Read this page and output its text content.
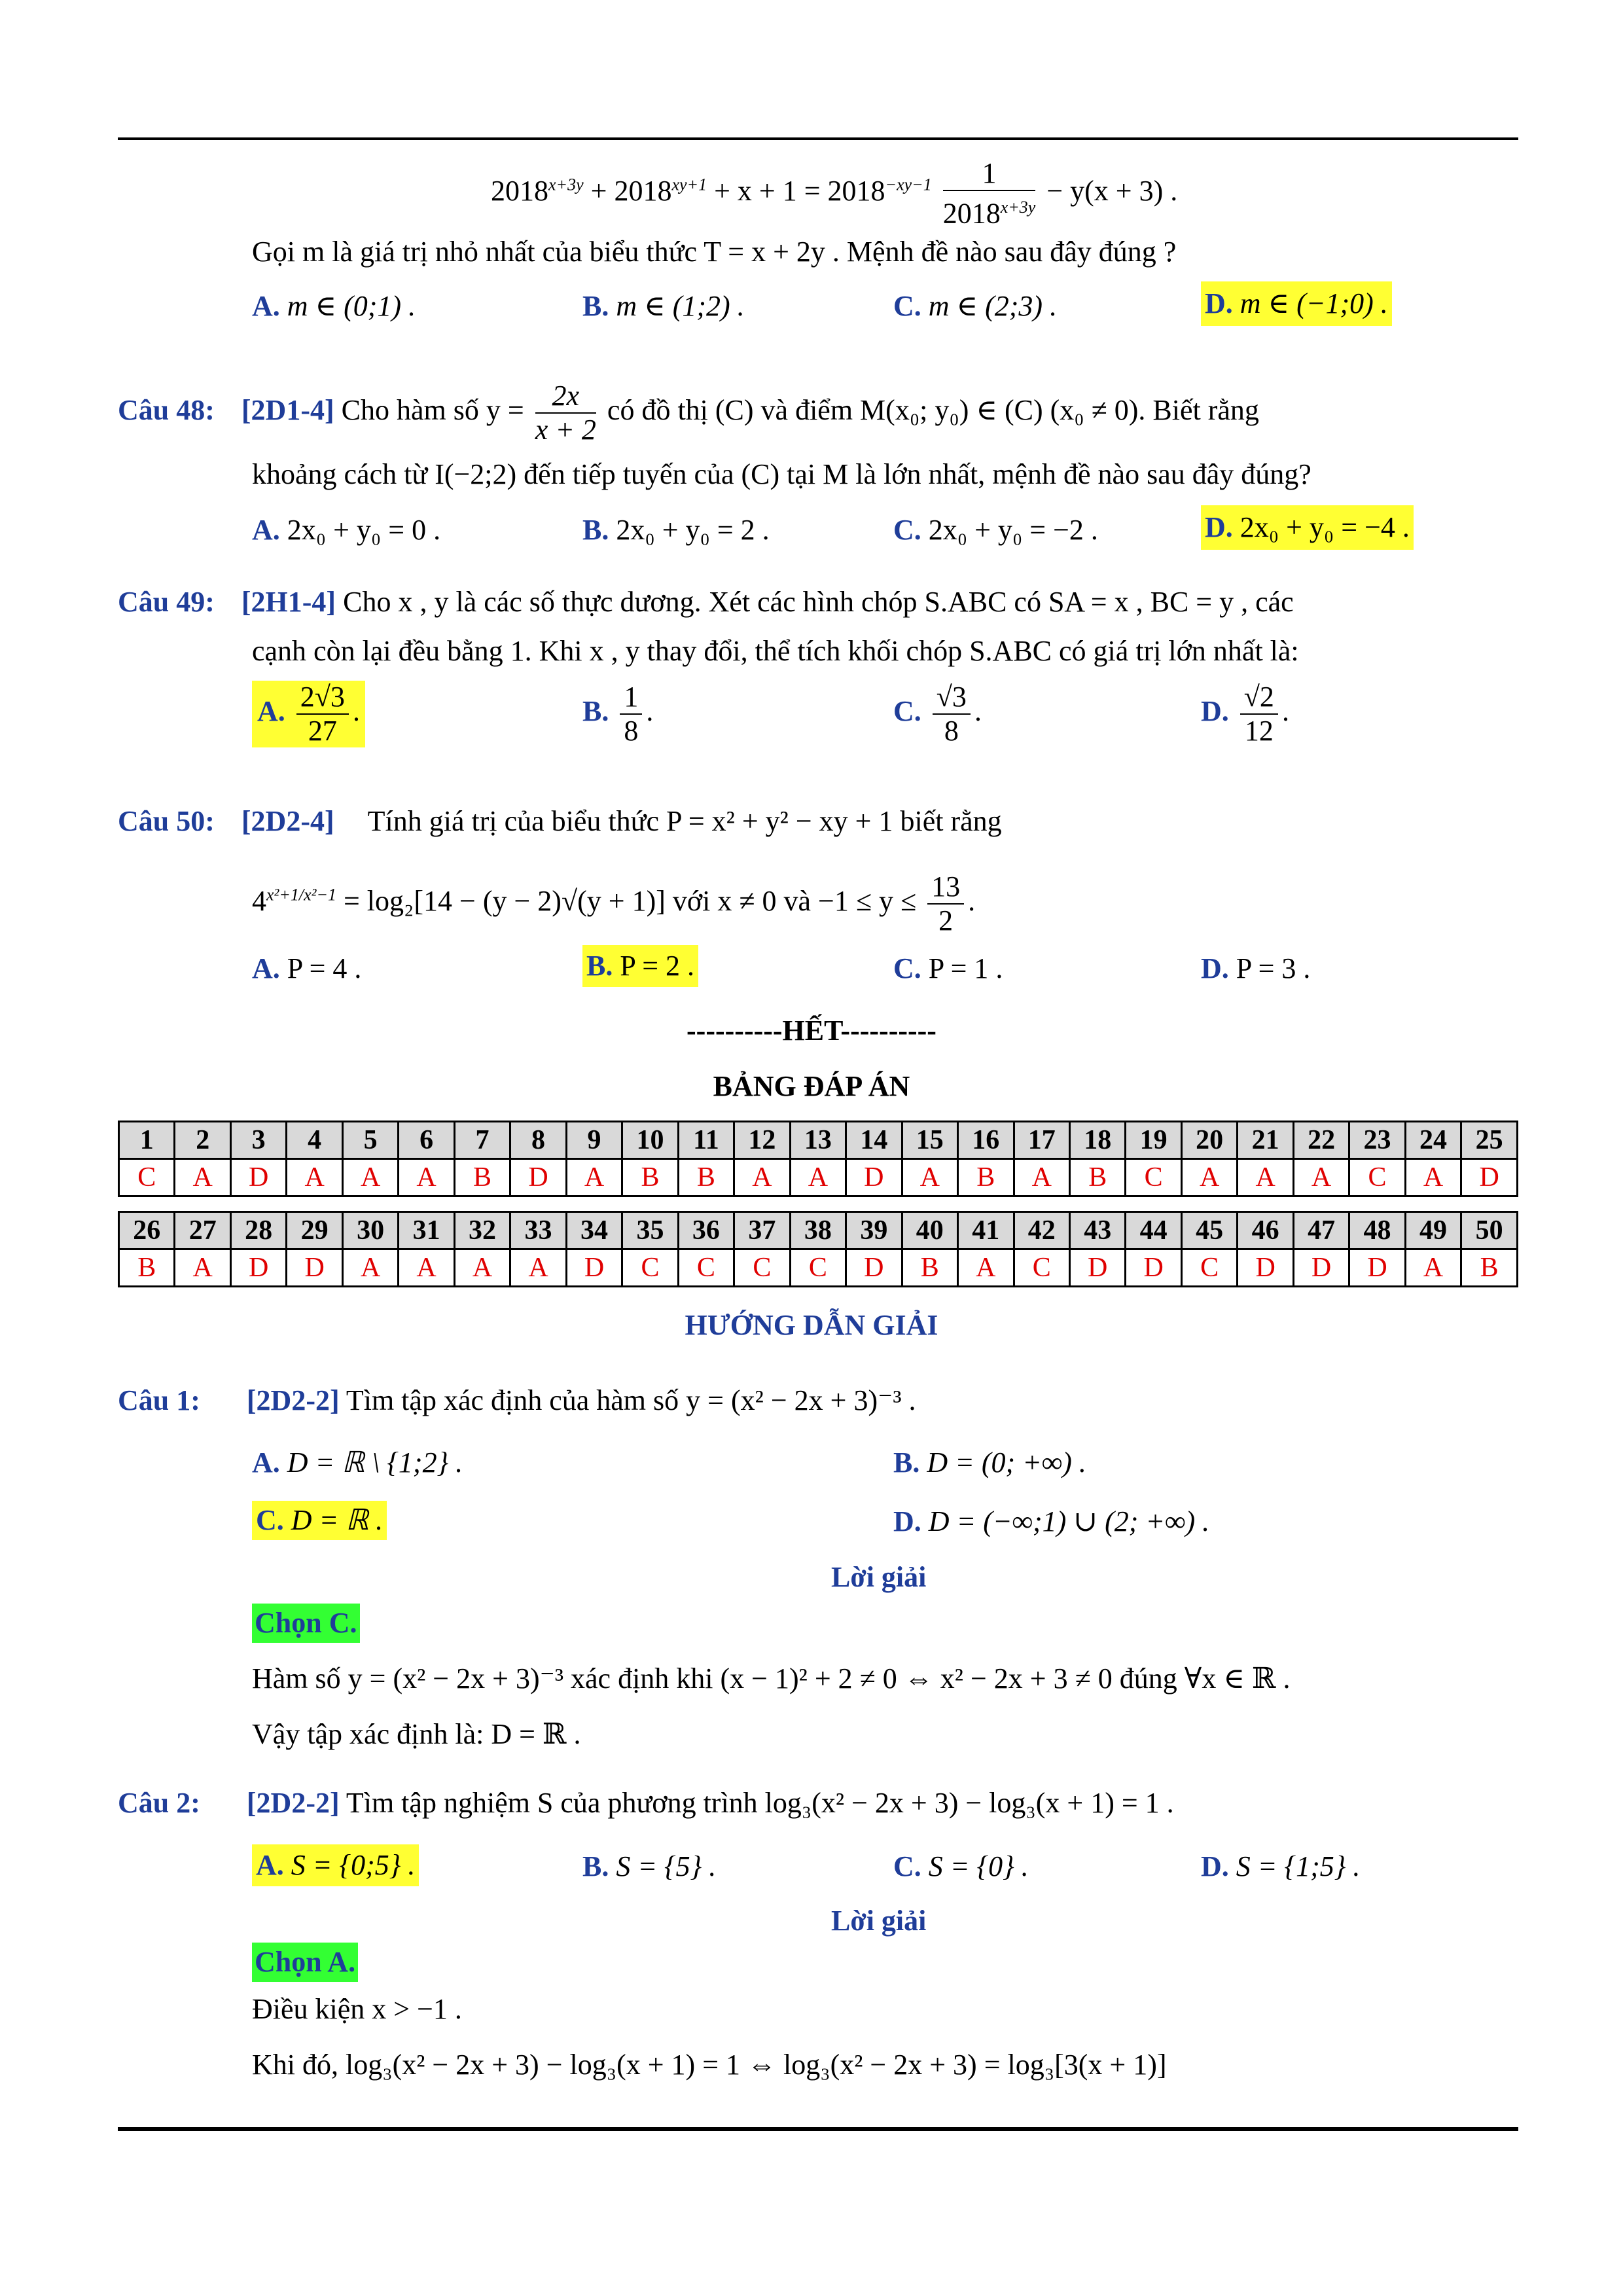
$2018^{x+3y} + 2018^{xy+1} + x + 1 = 2018^{-xy-1} \frac{1}{2018^{x+3y}} - y(x + 3)$ .
Gọi m là giá trị nhỏ nhất của biểu thức T = x + 2y . Mệnh đề nào sau đây đúng ?
A. m ∈ (0;1) .	B. m ∈ (1;2) .	C. m ∈ (2;3) .	D. m ∈ (−1;0) .
Câu 48: [2D1-4] Cho hàm số $y = \frac{2x}{x + 2}$ có đồ thị (C) và điểm M(x₀; y₀) ∈ (C) (x₀ ≠ 0). Biết rằng
khoảng cách từ I(−2;2) đến tiếp tuyến của (C) tại M là lớn nhất, mệnh đề nào sau đây đúng?
A. 2x₀ + y₀ = 0 .	B. 2x₀ + y₀ = 2 .	C. 2x₀ + y₀ = −2 .	D. 2x₀ + y₀ = −4 .
Câu 49: [2H1-4] Cho x , y là các số thực dương. Xét các hình chóp S.ABC có SA = x , BC = y , các
cạnh còn lại đều bằng 1. Khi x , y thay đổi, thể tích khối chóp S.ABC có giá trị lớn nhất là:
A. $\frac{2√3}{27}$ .	B. $\frac{1}{8}$ .	C. $\frac{√3}{8}$ .	D. $\frac{√2}{12}$ .
Câu 50: [2D2-4] Tính giá trị của biểu thức P = x² + y² − xy + 1 biết rằng
$4^{x^2+1/x^2-1} = \log_2[14 - (y - 2)√(y + 1)]$ với x ≠ 0 và $-1 \le y \le \frac{13}{2}$ .
A. P = 4 .	B. P = 2 .	C. P = 1 .	D. P = 3 .
----------HẾT----------
BẢNG ĐÁP ÁN
1	2	3	4	5	6	7	8	9	10	11	12	13	14	15	16	17	18	19	20	21	22	23	24	25
C	A	D	A	A	A	B	D	A	B	B	A	A	D	A	B	A	B	C	A	A	A	C	A	D
26	27	28	29	30	31	32	33	34	35	36	37	38	39	40	41	42	43	44	45	46	47	48	49	50
B	A	D	D	A	A	A	A	D	C	C	C	C	D	B	A	C	D	D	C	D	D	D	A	B
HƯỚNG DẪN GIẢI
Câu 1: [2D2-2] Tìm tập xác định của hàm số y = (x² − 2x + 3)⁻³ .
A. D = ℝ \ {1;2} .	B. D = (0; +∞) .
C. D = ℝ .	D. D = (−∞;1) ∪ (2; +∞) .
Lời giải
Chọn C.
Hàm số y = (x² − 2x + 3)⁻³ xác định khi (x − 1)² + 2 ≠ 0 ⇔ x² − 2x + 3 ≠ 0 đúng ∀x ∈ ℝ .
Vậy tập xác định là: D = ℝ .
Câu 2: [2D2-2] Tìm tập nghiệm S của phương trình log₃(x² − 2x + 3) − log₃(x + 1) = 1 .
A. S = {0;5} .	B. S = {5} .	C. S = {0} .	D. S = {1;5} .
Lời giải
Chọn A.
Điều kiện x > −1 .
Khi đó, log₃(x² − 2x + 3) − log₃(x + 1) = 1 ⇔ log₃(x² − 2x + 3) = log₃[3(x + 1)]
